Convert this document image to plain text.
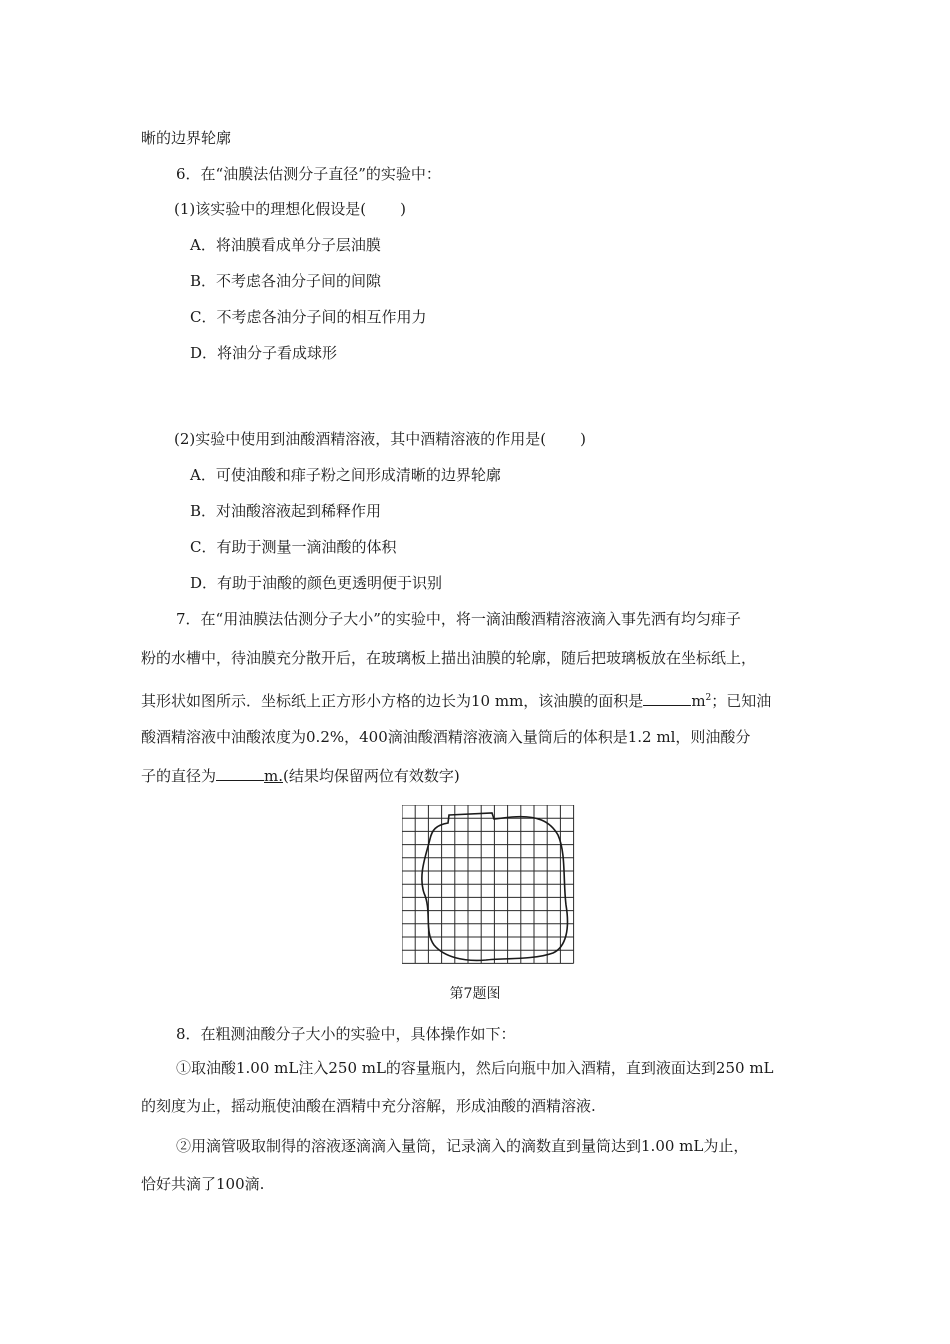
晰的边界轮廓
6．在“油膜法估测分子直径”的实验中：
(1)该实验中的理想化假设是( )
A．将油膜看成单分子层油膜
B．不考虑各油分子间的间隙
C．不考虑各油分子间的相互作用力
D．将油分子看成球形
(2)实验中使用到油酸酒精溶液，其中酒精溶液的作用是( )
A．可使油酸和痱子粉之间形成清晰的边界轮廓
B．对油酸溶液起到稀释作用
C．有助于测量一滴油酸的体积
D．有助于油酸的颜色更透明便于识别
7．在“用油膜法估测分子大小”的实验中，将一滴油酸酒精溶液滴入事先洒有均匀痱子
粉的水槽中，待油膜充分散开后，在玻璃板上描出油膜的轮廓，随后把玻璃板放在坐标纸上，
其形状如图所示．坐标纸上正方形小方格的边长为10 mm，该油膜的面积是	$m^2$；已知油
酸酒精溶液中油酸浓度为0.2%，400滴油酸酒精溶液滴入量筒后的体积是1.2 ml，则油酸分
子的直径为	m.(结果均保留两位有效数字)
第7题图
8．在粗测油酸分子大小的实验中，具体操作如下：
①取油酸1.00 mL注入250 mL的容量瓶内，然后向瓶中加入酒精，直到液面达到250 mL
的刻度为止，摇动瓶使油酸在酒精中充分溶解，形成油酸的酒精溶液.
②用滴管吸取制得的溶液逐滴滴入量筒，记录滴入的滴数直到量筒达到1.00 mL为止，
恰好共滴了100滴.
